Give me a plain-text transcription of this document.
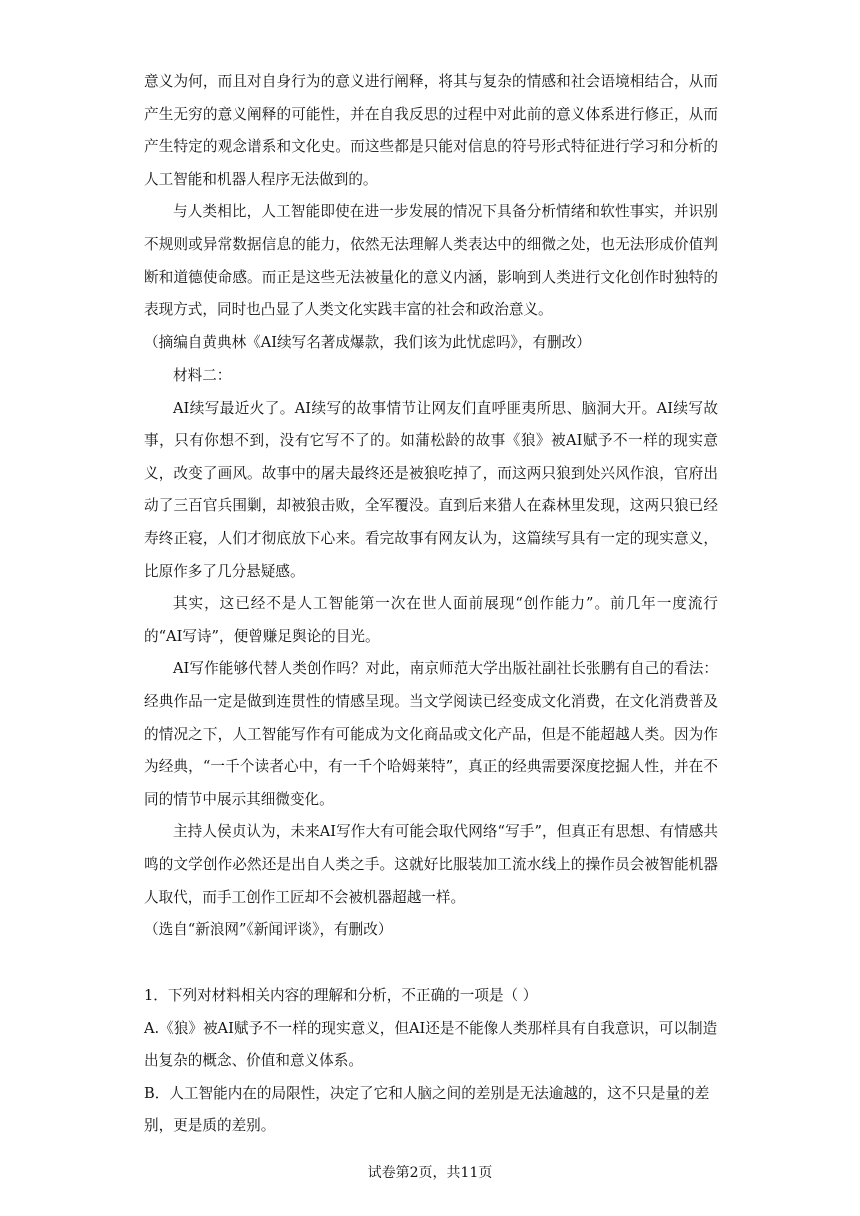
意义为何，而且对自身行为的意义进行阐释，将其与复杂的情感和社会语境相结合，从而产生无穷的意义阐释的可能性，并在自我反思的过程中对此前的意义体系进行修正，从而产生特定的观念谱系和文化史。而这些都是只能对信息的符号形式特征进行学习和分析的人工智能和机器人程序无法做到的。

与人类相比，人工智能即使在进一步发展的情况下具备分析情绪和软性事实，并识别不规则或异常数据信息的能力，依然无法理解人类表达中的细微之处，也无法形成价值判断和道德使命感。而正是这些无法被量化的意义内涵，影响到人类进行文化创作时独特的表现方式，同时也凸显了人类文化实践丰富的社会和政治意义。

（摘编自黄典林《AI续写名著成爆款，我们该为此忧虑吗》，有删改）

材料二：

AI续写最近火了。AI续写的故事情节让网友们直呼匪夷所思、脑洞大开。AI续写故事，只有你想不到，没有它写不了的。如蒲松龄的故事《狼》被AI赋予不一样的现实意义，改变了画风。故事中的屠夫最终还是被狼吃掉了，而这两只狼到处兴风作浪，官府出动了三百官兵围剿，却被狼击败，全军覆没。直到后来猎人在森林里发现，这两只狼已经寿终正寝，人们才彻底放下心来。看完故事有网友认为，这篇续写具有一定的现实意义，比原作多了几分悬疑感。

其实，这已经不是人工智能第一次在世人面前展现“创作能力”。前几年一度流行的“AI写诗”，便曾赚足舆论的目光。

AI写作能够代替人类创作吗？对此，南京师范大学出版社副社长张鹏有自己的看法：经典作品一定是做到连贯性的情感呈现。当文学阅读已经变成文化消费，在文化消费普及的情况之下，人工智能写作有可能成为文化商品或文化产品，但是不能超越人类。因为作为经典，“一千个读者心中，有一千个哈姆莱特”，真正的经典需要深度挖掘人性，并在不同的情节中展示其细微变化。

主持人侯贞认为，未来AI写作大有可能会取代网络“写手”，但真正有思想、有情感共鸣的文学创作必然还是出自人类之手。这就好比服装加工流水线上的操作员会被智能机器人取代，而手工创作工匠却不会被机器超越一样。

（选自“新浪网”《新闻评谈》，有删改）

1．下列对材料相关内容的理解和分析，不正确的一项是（ ）

A.《狼》被AI赋予不一样的现实意义，但AI还是不能像人类那样具有自我意识，可以制造出复杂的概念、价值和意义体系。

B．人工智能内在的局限性，决定了它和人脑之间的差别是无法逾越的，这不只是量的差别，更是质的差别。

试卷第2页，共11页
